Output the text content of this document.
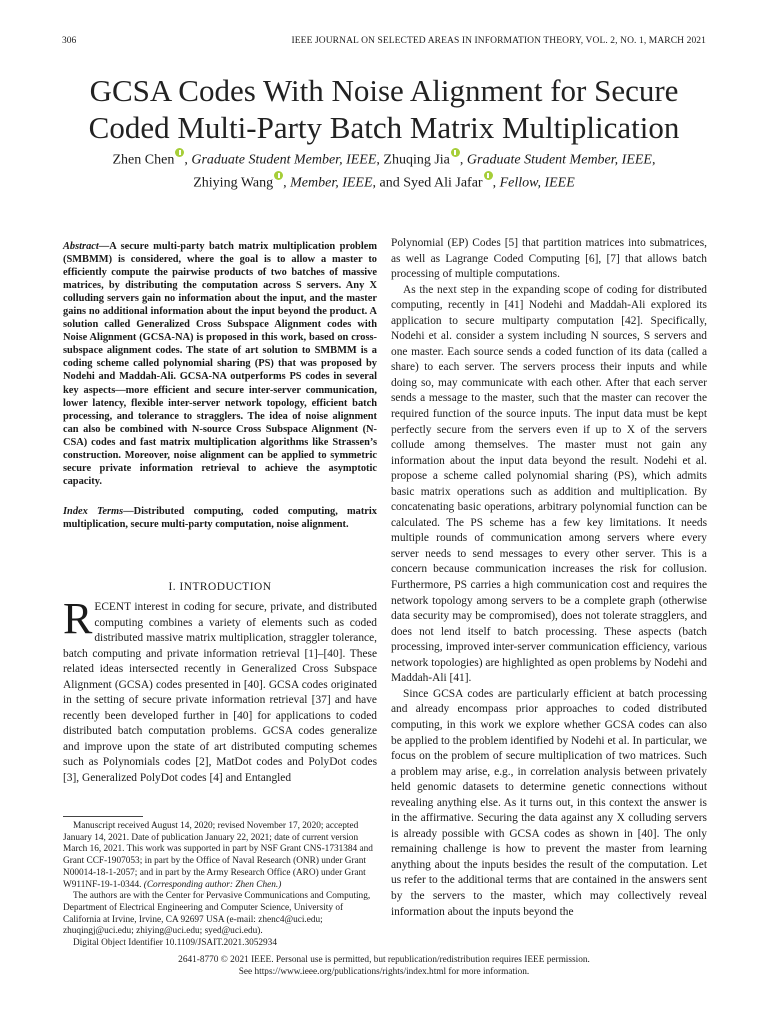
306	IEEE JOURNAL ON SELECTED AREAS IN INFORMATION THEORY, VOL. 2, NO. 1, MARCH 2021
GCSA Codes With Noise Alignment for Secure
Coded Multi-Party Batch Matrix Multiplication
Zhen Chen , Graduate Student Member, IEEE, Zhuqing Jia , Graduate Student Member, IEEE,
Zhiying Wang , Member, IEEE, and Syed Ali Jafar , Fellow, IEEE

Abstract—A secure multi-party batch matrix multiplication problem (SMBMM) is considered, where the goal is to allow a master to efficiently compute the pairwise products of two batches of massive matrices, by distributing the computation across S servers. Any X colluding servers gain no information about the input, and the master gains no additional information about the input beyond the product. A solution called Generalized Cross Subspace Alignment codes with Noise Alignment (GCSA-NA) is proposed in this work, based on cross-subspace alignment codes. The state of art solution to SMBMM is a coding scheme called polynomial sharing (PS) that was proposed by Nodehi and Maddah-Ali. GCSA-NA outperforms PS codes in several key aspects—more efficient and secure inter-server communication, lower latency, flexible inter-server network topology, efficient batch processing, and tolerance to stragglers. The idea of noise alignment can also be combined with N-source Cross Subspace Alignment (N-CSA) codes and fast matrix multiplication algorithms like Strassen’s construction. Moreover, noise alignment can be applied to symmetric secure private information retrieval to achieve the asymptotic capacity.

Index Terms—Distributed computing, coded computing, matrix multiplication, secure multi-party computation, noise alignment.

I. INTRODUCTION

RECENT interest in coding for secure, private, and distributed computing combines a variety of elements such as coded distributed massive matrix multiplication, straggler tolerance, batch computing and private information retrieval [1]–[40]. These related ideas intersected recently in Generalized Cross Subspace Alignment (GCSA) codes presented in [40]. GCSA codes originated in the setting of secure private information retrieval [37] and have recently been developed further in [40] for applications to coded distributed batch computation problems. GCSA codes generalize and improve upon the state of art distributed computing schemes such as Polynomials codes [2], MatDot codes and PolyDot codes [3], Generalized PolyDot codes [4] and Entangled

Manuscript received August 14, 2020; revised November 17, 2020; accepted January 14, 2021. Date of publication January 22, 2021; date of current version March 16, 2021. This work was supported in part by NSF Grant CNS-1731384 and Grant CCF-1907053; in part by the Office of Naval Research (ONR) under Grant N00014-18-1-2057; and in part by the Army Research Office (ARO) under Grant W911NF-19-1-0344. (Corresponding author: Zhen Chen.)

The authors are with the Center for Pervasive Communications and Computing, Department of Electrical Engineering and Computer Science, University of California at Irvine, Irvine, CA 92697 USA (e-mail: zhenc4@uci.edu; zhuqingj@uci.edu; zhiying@uci.edu; syed@uci.edu).

Digital Object Identifier 10.1109/JSAIT.2021.3052934

Polynomial (EP) Codes [5] that partition matrices into submatrices, as well as Lagrange Coded Computing [6], [7] that allows batch processing of multiple computations.

As the next step in the expanding scope of coding for distributed computing, recently in [41] Nodehi and Maddah-Ali explored its application to secure multiparty computation [42]. Specifically, Nodehi et al. consider a system including N sources, S servers and one master. Each source sends a coded function of its data (called a share) to each server. The servers process their inputs and while doing so, may communicate with each other. After that each server sends a message to the master, such that the master can recover the required function of the source inputs. The input data must be kept perfectly secure from the servers even if up to X of the servers collude among themselves. The master must not gain any information about the input data beyond the result. Nodehi et al. propose a scheme called polynomial sharing (PS), which admits basic matrix operations such as addition and multiplication. By concatenating basic operations, arbitrary polynomial function can be calculated. The PS scheme has a few key limitations. It needs multiple rounds of communication among servers where every server needs to send messages to every other server. This is a concern because communication increases the risk for collusion. Furthermore, PS carries a high communication cost and requires the network topology among servers to be a complete graph (otherwise data security may be compromised), does not tolerate stragglers, and does not lend itself to batch processing. These aspects (batch processing, improved inter-server communication efficiency, various network topologies) are highlighted as open problems by Nodehi and Maddah-Ali [41].

Since GCSA codes are particularly efficient at batch processing and already encompass prior approaches to coded distributed computing, in this work we explore whether GCSA codes can also be applied to the problem identified by Nodehi et al. In particular, we focus on the problem of secure multiplication of two matrices. Such a problem may arise, e.g., in correlation analysis between privately held genomic datasets to determine genetic connections without revealing anything else. As it turns out, in this context the answer is in the affirmative. Securing the data against any X colluding servers is already possible with GCSA codes as shown in [40]. The only remaining challenge is how to prevent the master from learning anything about the inputs besides the result of the computation. Let us refer to the additional terms that are contained in the answers sent by the servers to the master, which may collectively reveal information about the inputs beyond the

2641-8770 © 2021 IEEE. Personal use is permitted, but republication/redistribution requires IEEE permission.
See https://www.ieee.org/publications/rights/index.html for more information.
